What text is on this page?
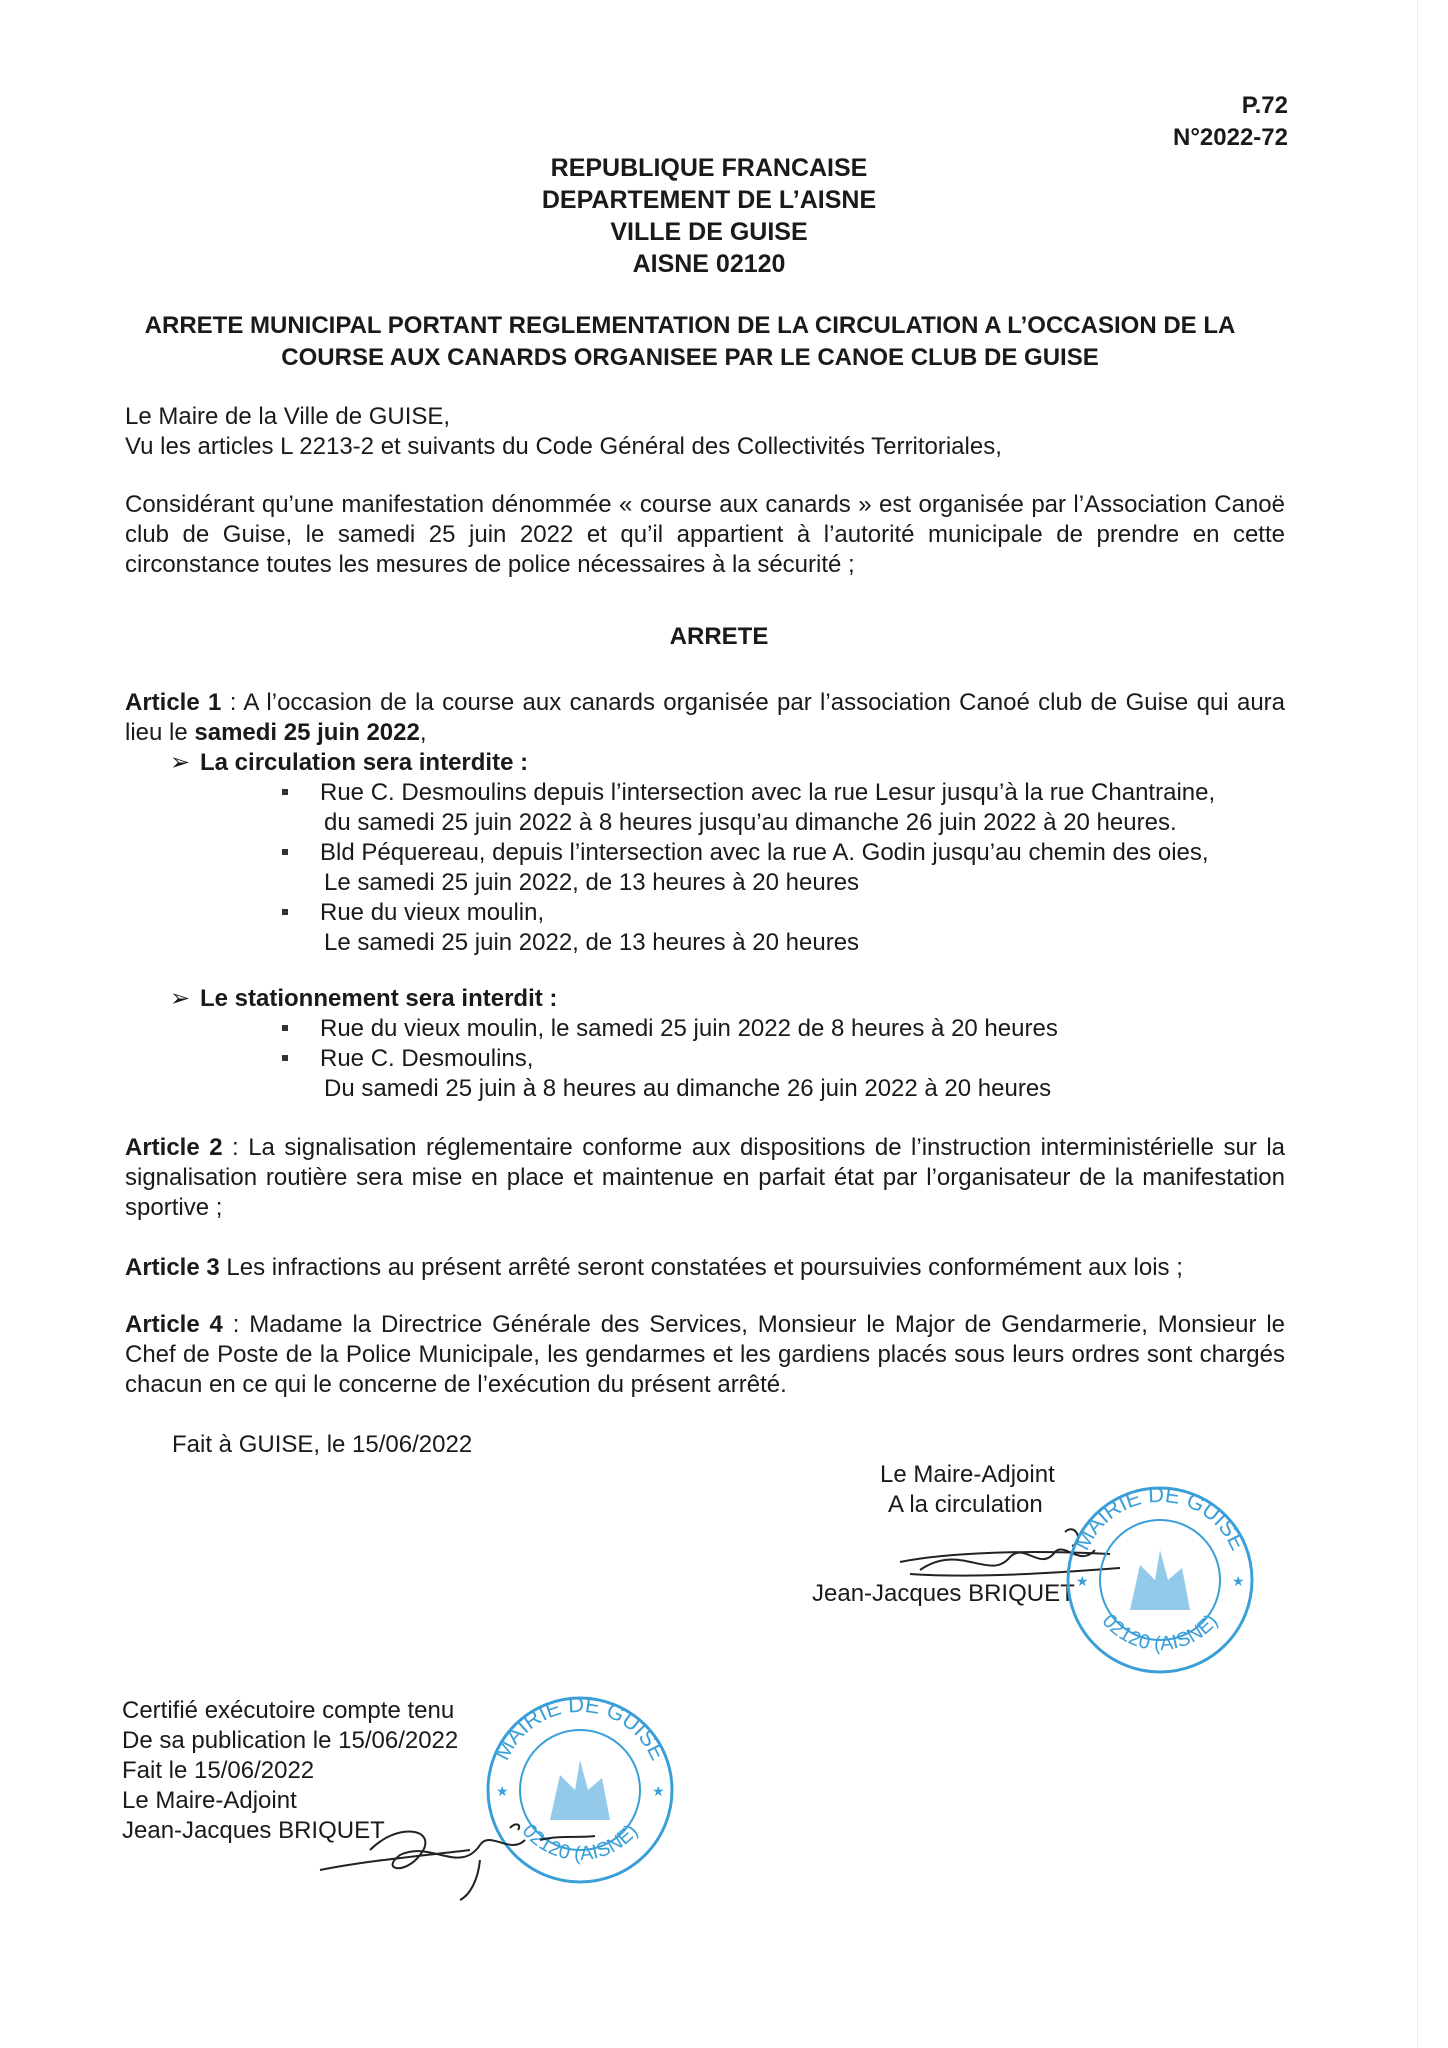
P.72
N°2022-72
REPUBLIQUE FRANCAISE
DEPARTEMENT DE L’AISNE
VILLE DE GUISE
AISNE 02120
ARRETE MUNICIPAL PORTANT REGLEMENTATION DE LA CIRCULATION A L’OCCASION DE LA
COURSE AUX CANARDS ORGANISEE PAR LE CANOE CLUB DE GUISE
Le Maire de la Ville de GUISE,
Vu les articles L 2213-2 et suivants du Code Général des Collectivités Territoriales,
Considérant qu’une manifestation dénommée « course aux canards » est organisée par l’Association Canoë club de Guise, le samedi 25 juin 2022 et qu’il appartient à l’autorité municipale de prendre en cette circonstance toutes les mesures de police nécessaires à la sécurité ;
ARRETE
Article 1 : A l’occasion de la course aux canards organisée par l’association Canoé club de Guise qui aura lieu le samedi 25 juin 2022,
➢ La circulation sera interdite :
Rue C. Desmoulins depuis l’intersection avec la rue Lesur jusqu’à la rue Chantraine,
du samedi 25 juin 2022 à 8 heures jusqu’au dimanche 26 juin 2022 à 20 heures.
Bld Péquereau, depuis l’intersection avec la rue A. Godin jusqu’au chemin des oies,
Le samedi 25 juin 2022, de 13 heures à 20 heures
Rue du vieux moulin,
Le samedi 25 juin 2022, de 13 heures à 20 heures
➢ Le stationnement sera interdit :
Rue du vieux moulin, le samedi 25 juin 2022 de 8 heures à 20 heures
Rue C. Desmoulins,
Du samedi 25 juin à 8 heures au dimanche 26 juin 2022 à 20 heures
Article 2 : La signalisation réglementaire conforme aux dispositions de l’instruction interministérielle sur la signalisation routière sera mise en place et maintenue en parfait état par l’organisateur de la manifestation sportive ;
Article 3 Les infractions au présent arrêté seront constatées et poursuivies conformément aux lois ;
Article 4 : Madame la Directrice Générale des Services, Monsieur le Major de Gendarmerie, Monsieur le Chef de Poste de la Police Municipale, les gendarmes et les gardiens placés sous leurs ordres sont chargés chacun en ce qui le concerne de l’exécution du présent arrêté.
Fait à GUISE, le 15/06/2022
Le Maire-Adjoint
A la circulation
Jean-Jacques BRIQUET
MAIRIE DE GUISE
02120 (AISNE)
★	★
Certifié exécutoire compte tenu
De sa publication le 15/06/2022
Fait le 15/06/2022
Le Maire-Adjoint
Jean-Jacques BRIQUET
MAIRIE DE GUISE
02120 (AISNE)
★	★
